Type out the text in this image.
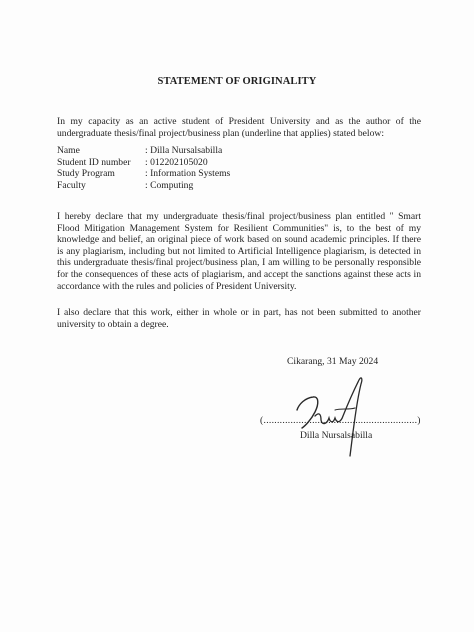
STATEMENT OF ORIGINALITY

In my capacity as an active student of President University and as the author of the undergraduate thesis/final project/business plan (underline that applies) stated below:

Name	: Dilla Nursalsabilla
Student ID number	: 012202105020
Study Program	: Information Systems
Faculty	: Computing

I hereby declare that my undergraduate thesis/final project/business plan entitled " Smart Flood Mitigation Management System for Resilient Communities" is, to the best of my knowledge and belief, an original piece of work based on sound academic principles. If there is any plagiarism, including but not limited to Artificial Intelligence plagiarism, is detected in this undergraduate thesis/final project/business plan, I am willing to be personally responsible for the consequences of these acts of plagiarism, and accept the sanctions against these acts in accordance with the rules and policies of President University.

I also declare that this work, either in whole or in part, has not been submitted to another university to obtain a degree.

Cikarang, 31 May 2024
(.........................................................)
Dilla Nursalsabilla
